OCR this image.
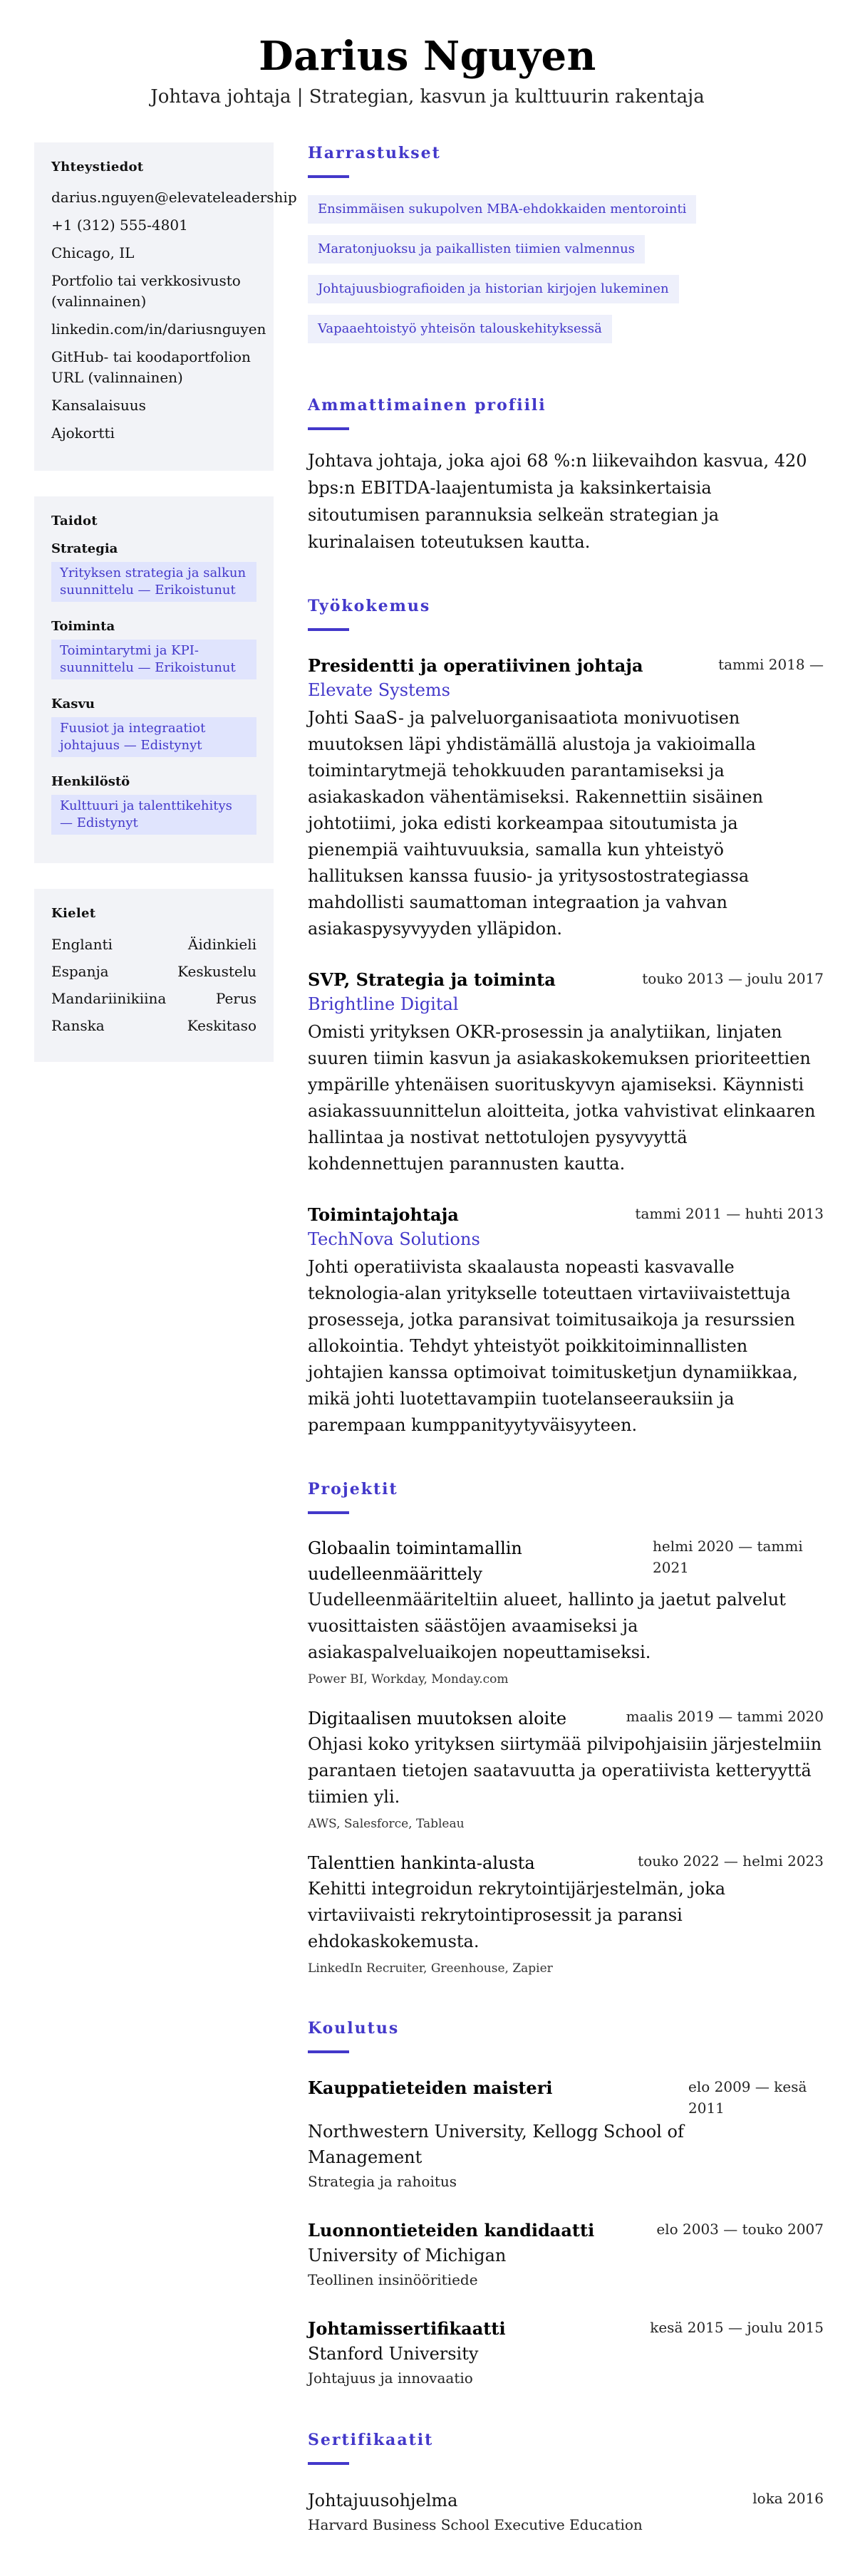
Darius Nguyen
Johtava johtaja | Strategian, kasvun ja kulttuurin rakentaja
Yhteystiedot
darius.nguyen@elevateleadership
+1 (312) 555-4801
Chicago, IL
Portfolio tai verkkosivusto (valinnainen)
linkedin.com/in/dariusnguyen
GitHub- tai koodaportfolion URL (valinnainen)
Kansalaisuus
Ajokortti
Taidot
Strategia
Yrityksen strategia ja salkun suunnittelu — Erikoistunut
Toiminta
Toimintarytmi ja KPI-suunnittelu — Erikoistunut
Kasvu
Fuusiot ja integraatiot johtajuus — Edistynyt
Henkilöstö
Kulttuuri ja talenttikehitys — Edistynyt
Kielet
Englanti	Äidinkieli
Espanja	Keskustelu
Mandariinikiina	Perus
Ranska	Keskitaso
Harrastukset
Ensimmäisen sukupolven MBA-ehdokkaiden mentorointi
Maratonjuoksu ja paikallisten tiimien valmennus
Johtajuusbiografioiden ja historian kirjojen lukeminen
Vapaaehtoistyö yhteisön talouskehityksessä
Ammattimainen profiili

Johtava johtaja, joka ajoi 68 %:n liikevaihdon kasvua, 420 bps:n EBITDA-laajentumista ja kaksinkertaisia sitoutumisen parannuksia selkeän strategian ja kurinalaisen toteutuksen kautta.

Työkokemus
Presidentti ja operatiivinen johtaja	tammi 2018 —
Elevate Systems

Johti SaaS- ja palveluorganisaatiota monivuotisen muutoksen läpi yhdistämällä alustoja ja vakioimalla toimintarytmejä tehokkuuden parantamiseksi ja asiakaskadon vähentämiseksi. Rakennettiin sisäinen johtotiimi, joka edisti korkeampaa sitoutumista ja pienempiä vaihtuvuuksia, samalla kun yhteistyö hallituksen kanssa fuusio- ja yritysostostrategiassa mahdollisti saumattoman integraation ja vahvan asiakaspysyvyyden ylläpidon.

SVP, Strategia ja toiminta	touko 2013 — joulu 2017
Brightline Digital

Omisti yrityksen OKR-prosessin ja analytiikan, linjaten suuren tiimin kasvun ja asiakaskokemuksen prioriteettien ympärille yhtenäisen suorituskyvyn ajamiseksi. Käynnisti asiakassuunnittelun aloitteita, jotka vahvistivat elinkaaren hallintaa ja nostivat nettotulojen pysyvyyttä kohdennettujen parannusten kautta.

Toimintajohtaja	tammi 2011 — huhti 2013
TechNova Solutions

Johti operatiivista skaalausta nopeasti kasvavalle teknologia-alan yritykselle toteuttaen virtaviivaistettuja prosesseja, jotka paransivat toimitusaikoja ja resurssien allokointia. Tehdyt yhteistyöt poikkitoiminnallisten johtajien kanssa optimoivat toimitusketjun dynamiikkaa, mikä johti luotettavampiin tuotelanseerauksiin ja parempaan kumppanityytyväisyyteen.

Projektit
Globaalin toimintamallin uudelleenmäärittely
helmi 2020 — tammi 2021

Uudelleenmääriteltiin alueet, hallinto ja jaetut palvelut vuosittaisten säästöjen avaamiseksi ja asiakaspalveluaikojen nopeuttamiseksi.

Power BI, Workday, Monday.com
Digitaalisen muutoksen aloite	maalis 2019 — tammi 2020

Ohjasi koko yrityksen siirtymää pilvipohjaisiin järjestelmiin parantaen tietojen saatavuutta ja operatiivista ketteryyttä tiimien yli.

AWS, Salesforce, Tableau
Talenttien hankinta-alusta	touko 2022 — helmi 2023

Kehitti integroidun rekrytointijärjestelmän, joka virtaviivaisti rekrytointiprosessit ja paransi ehdokaskokemusta.

LinkedIn Recruiter, Greenhouse, Zapier
Koulutus
Kauppatieteiden maisteri	elo 2009 — kesä 2011
Northwestern University, Kellogg School of Management
Strategia ja rahoitus
Luonnontieteiden kandidaatti	elo 2003 — touko 2007
University of Michigan
Teollinen insinööritiede
Johtamissertifikaatti	kesä 2015 — joulu 2015
Stanford University
Johtajuus ja innovaatio
Sertifikaatit
Johtajuusohjelma	loka 2016
Harvard Business School Executive Education
